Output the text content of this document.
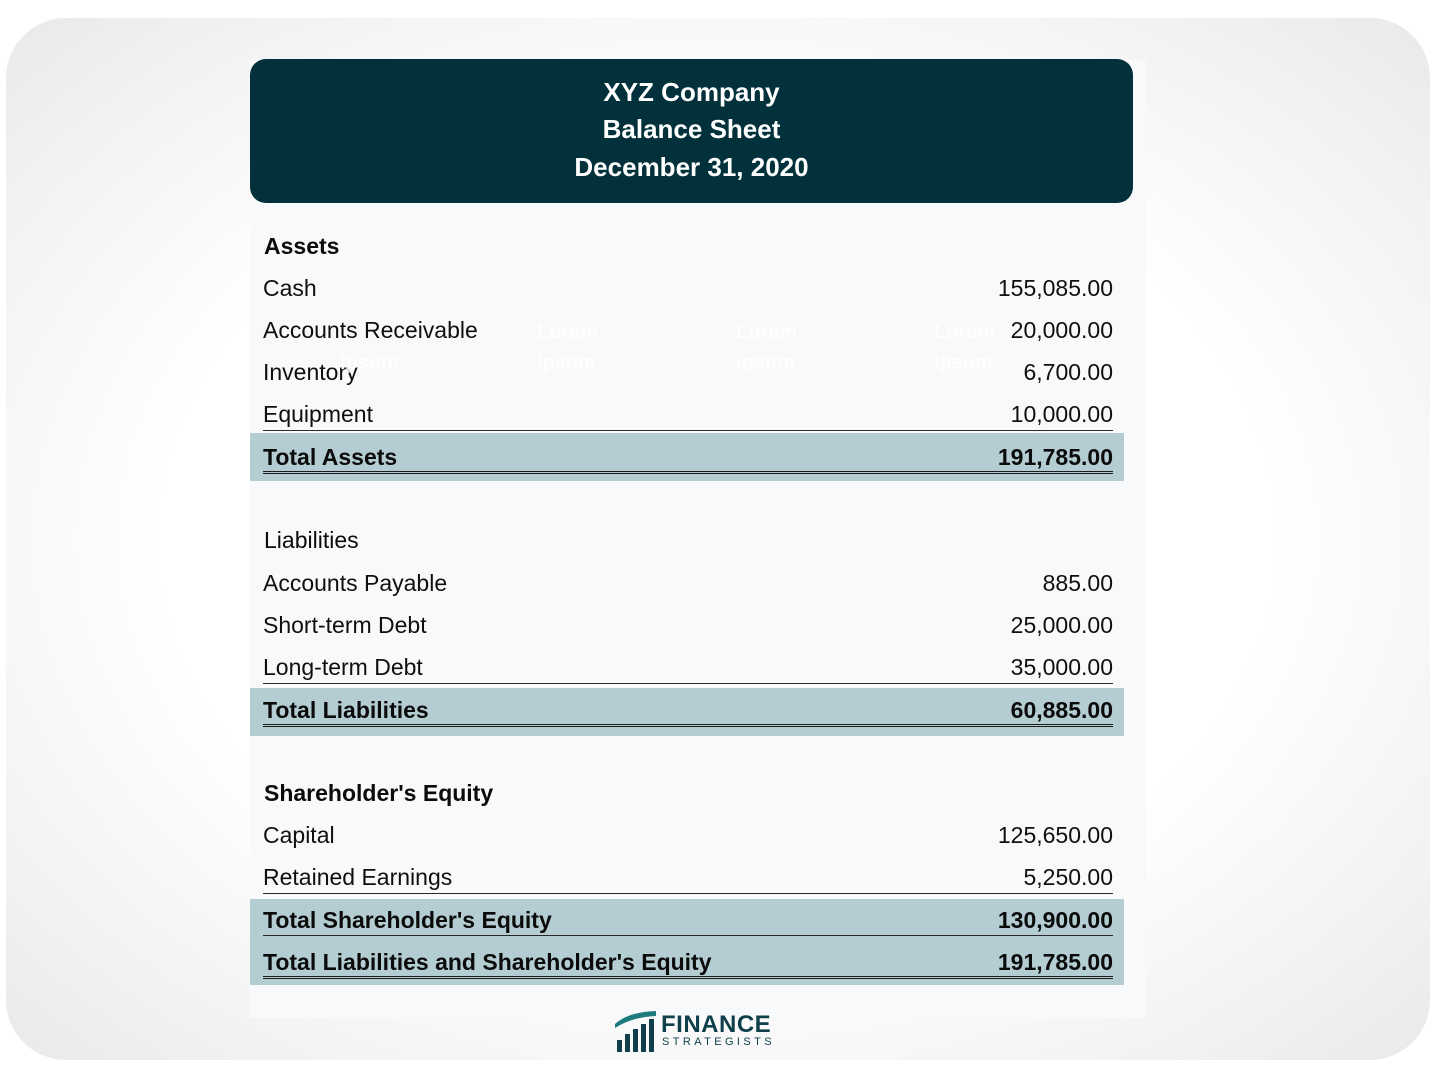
XYZ Company
Balance Sheet
December 31, 2020
Assets
Cash	155,085.00
Accounts Receivable	20,000.00
Inventory	6,700.00
Equipment	10,000.00
Total Assets	191,785.00
ipsum
Lorem
ipsum
Lorem
ipsum
Lorem
ipsum
Liabilities
Accounts Payable	885.00
Short-term Debt	25,000.00
Long-term Debt	35,000.00
Total Liabilities	60,885.00
Shareholder's Equity
Capital	125,650.00
Retained Earnings	5,250.00
Total Shareholder's Equity	130,900.00
Total Liabilities and Shareholder's Equity	191,785.00
FINANCE
STRATEGISTS
